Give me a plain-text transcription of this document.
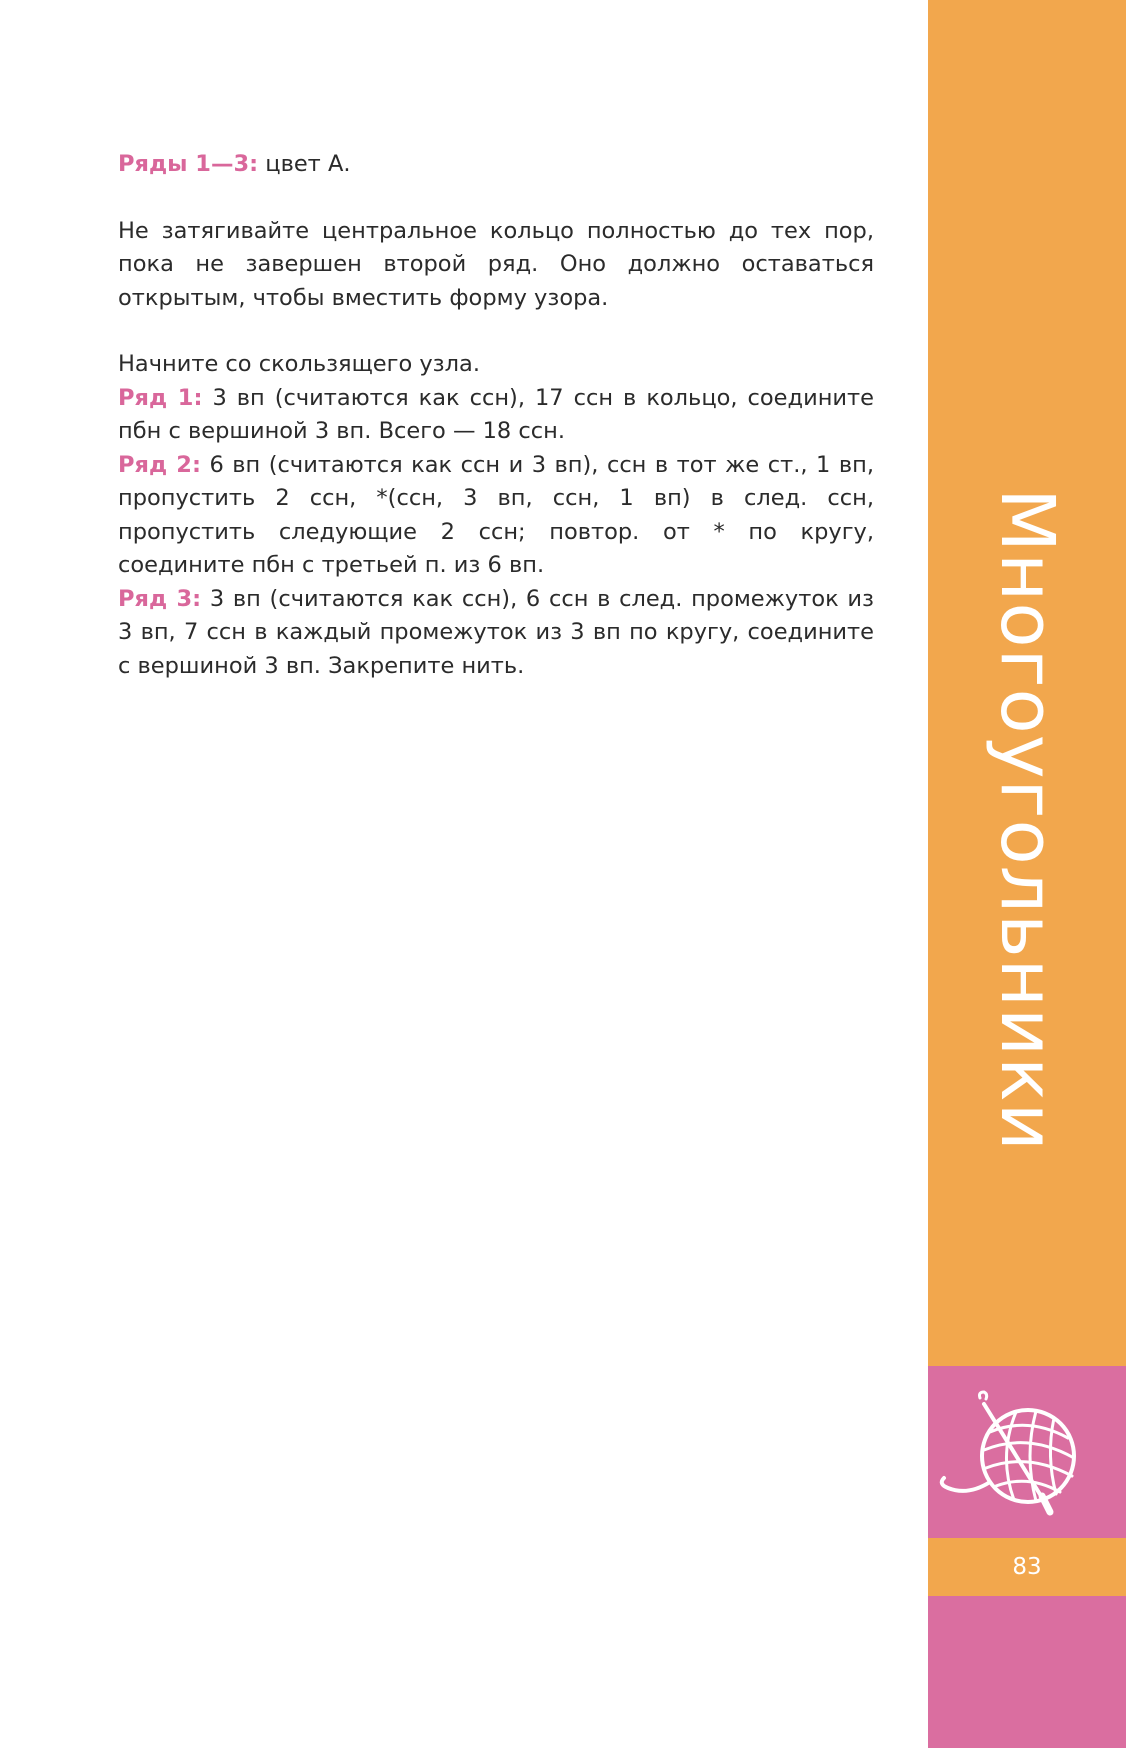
Ряды 1—3: цвет А.

Не затягивайте центральное кольцо полностью до тех пор, пока не завершен второй ряд. Оно должно оставаться открытым, чтобы вместить форму узора.

Начните со скользящего узла.

Ряд 1: 3 вп (считаются как ссн), 17 ссн в кольцо, соедините пбн с вершиной 3 вп. Всего — 18 ссн.

Ряд 2: 6 вп (считаются как ссн и 3 вп), ссн в тот же ст., 1 вп, пропустить 2 ссн, *(ссн, 3 вп, ссн, 1 вп) в след. ссн, пропустить следующие 2 ссн; повтор. от * по кругу, соедините пбн с третьей п. из 6 вп.

Ряд 3: 3 вп (считаются как ссн), 6 ссн в след. промежуток из 3 вп, 7 ссн в каждый промежуток из 3 вп по кругу, соедините с вершиной 3 вп. Закрепите нить.	Многоугольники
83
